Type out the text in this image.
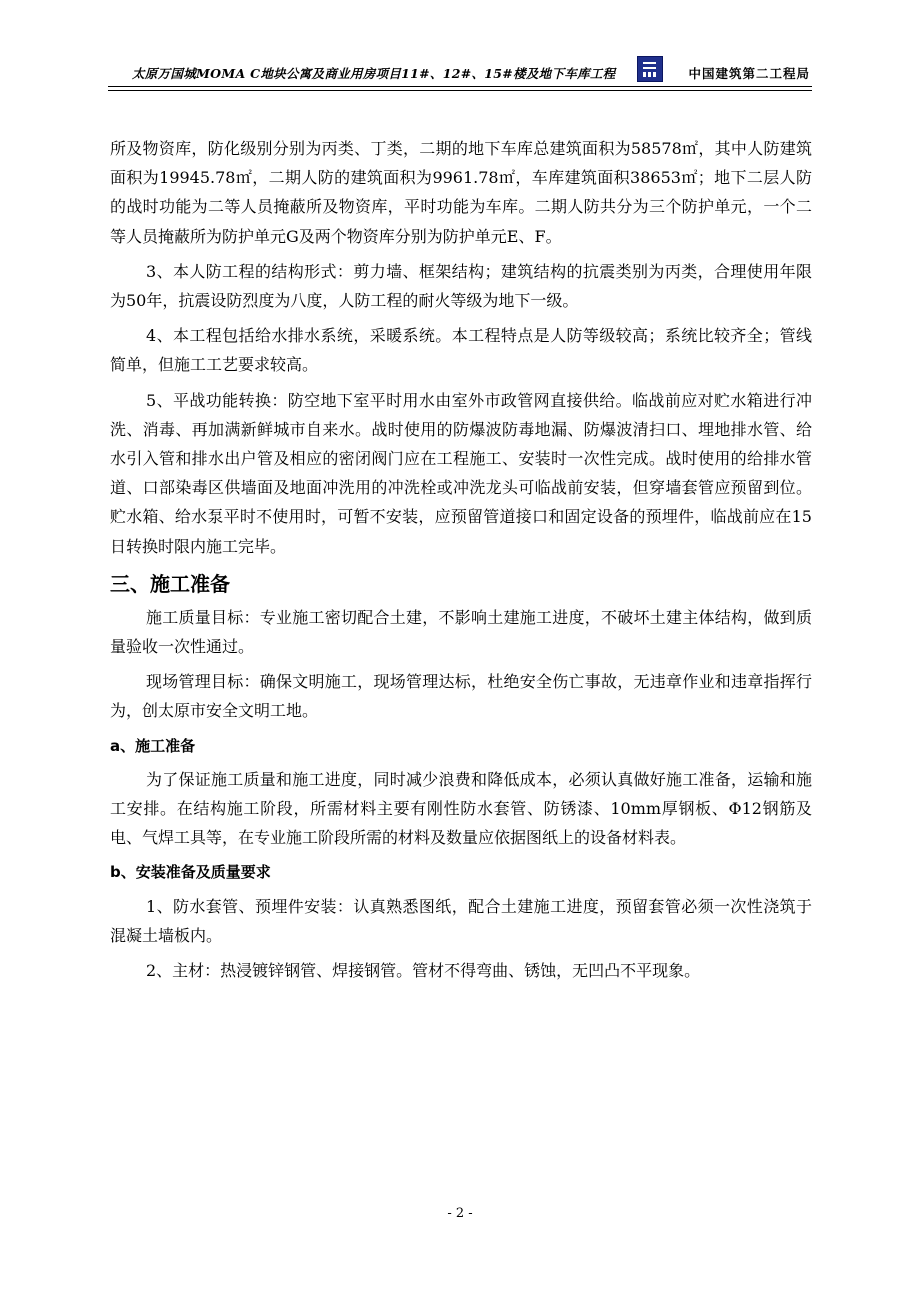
太原万国城MOMA C地块公寓及商业用房项目11#、12#、15#楼及地下车库工程	中国建筑第二工程局

所及物资库，防化级别分别为丙类、丁类，二期的地下车库总建筑面积为58578㎡，其中人防建筑面积为19945.78㎡，二期人防的建筑面积为9961.78㎡，车库建筑面积38653㎡；地下二层人防的战时功能为二等人员掩蔽所及物资库，平时功能为车库。二期人防共分为三个防护单元，一个二等人员掩蔽所为防护单元G及两个物资库分别为防护单元E、F。

3、本人防工程的结构形式：剪力墙、框架结构；建筑结构的抗震类别为丙类，合理使用年限为50年，抗震设防烈度为八度，人防工程的耐火等级为地下一级。

4、本工程包括给水排水系统，采暖系统。本工程特点是人防等级较高；系统比较齐全；管线简单，但施工工艺要求较高。

5、平战功能转换：防空地下室平时用水由室外市政管网直接供给。临战前应对贮水箱进行冲洗、消毒、再加满新鲜城市自来水。战时使用的防爆波防毒地漏、防爆波清扫口、埋地排水管、给水引入管和排水出户管及相应的密闭阀门应在工程施工、安装时一次性完成。战时使用的给排水管道、口部染毒区供墙面及地面冲洗用的冲洗栓或冲洗龙头可临战前安装，但穿墙套管应预留到位。贮水箱、给水泵平时不使用时，可暂不安装，应预留管道接口和固定设备的预埋件，临战前应在15日转换时限内施工完毕。

三、施工准备

施工质量目标：专业施工密切配合土建，不影响土建施工进度，不破坏土建主体结构，做到质量验收一次性通过。

现场管理目标：确保文明施工，现场管理达标，杜绝安全伤亡事故，无违章作业和违章指挥行为，创太原市安全文明工地。

a、施工准备

为了保证施工质量和施工进度，同时减少浪费和降低成本，必须认真做好施工准备，运输和施工安排。在结构施工阶段，所需材料主要有刚性防水套管、防锈漆、10mm厚钢板、Φ12钢筋及电、气焊工具等，在专业施工阶段所需的材料及数量应依据图纸上的设备材料表。

b、安装准备及质量要求

1、防水套管、预埋件安装：认真熟悉图纸，配合土建施工进度，预留套管必须一次性浇筑于混凝土墙板内。

2、主材：热浸镀锌钢管、焊接钢管。管材不得弯曲、锈蚀，无凹凸不平现象。

- 2 -
